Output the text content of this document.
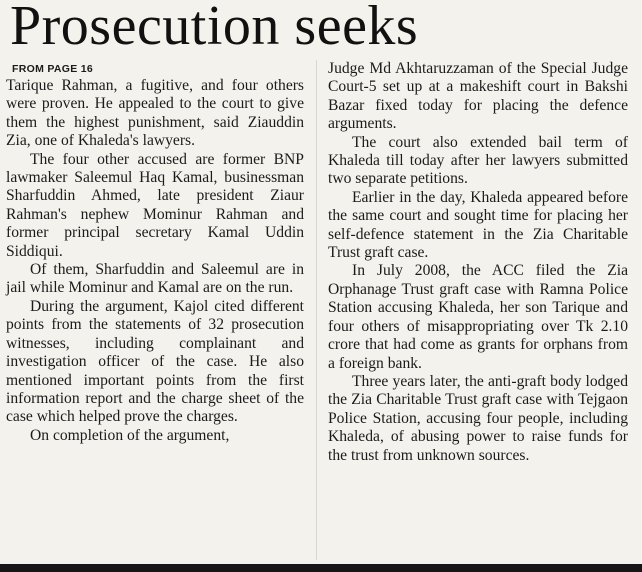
Prosecution seeks
FROM PAGE 16

Tarique Rahman, a fugitive, and four others were proven. He appealed to the court to give them the highest punishment, said Ziauddin Zia, one of Khaleda's lawyers.

The four other accused are former BNP lawmaker Saleemul Haq Kamal, businessman Sharfuddin Ahmed, late president Ziaur Rahman's nephew Mominur Rahman and former principal secretary Kamal Uddin Siddiqui.

Of them, Sharfuddin and Saleemul are in jail while Mominur and Kamal are on the run.

During the argument, Kajol cited different points from the statements of 32 prosecution witnesses, including complainant and investigation officer of the case. He also mentioned important points from the first information report and the charge sheet of the case which helped prove the charges.

On completion of the argument,

Judge Md Akhtaruzzaman of the Special Judge Court-5 set up at a makeshift court in Bakshi Bazar fixed today for placing the defence arguments.

The court also extended bail term of Khaleda till today after her lawyers submitted two separate petitions.

Earlier in the day, Khaleda appeared before the same court and sought time for placing her self-defence statement in the Zia Charitable Trust graft case.

In July 2008, the ACC filed the Zia Orphanage Trust graft case with Ramna Police Station accusing Khaleda, her son Tarique and four others of misappropriating over Tk 2.10 crore that had come as grants for orphans from a foreign bank.

Three years later, the anti-graft body lodged the Zia Charitable Trust graft case with Tejgaon Police Station, accusing four people, including Khaleda, of abusing power to raise funds for the trust from unknown sources.
